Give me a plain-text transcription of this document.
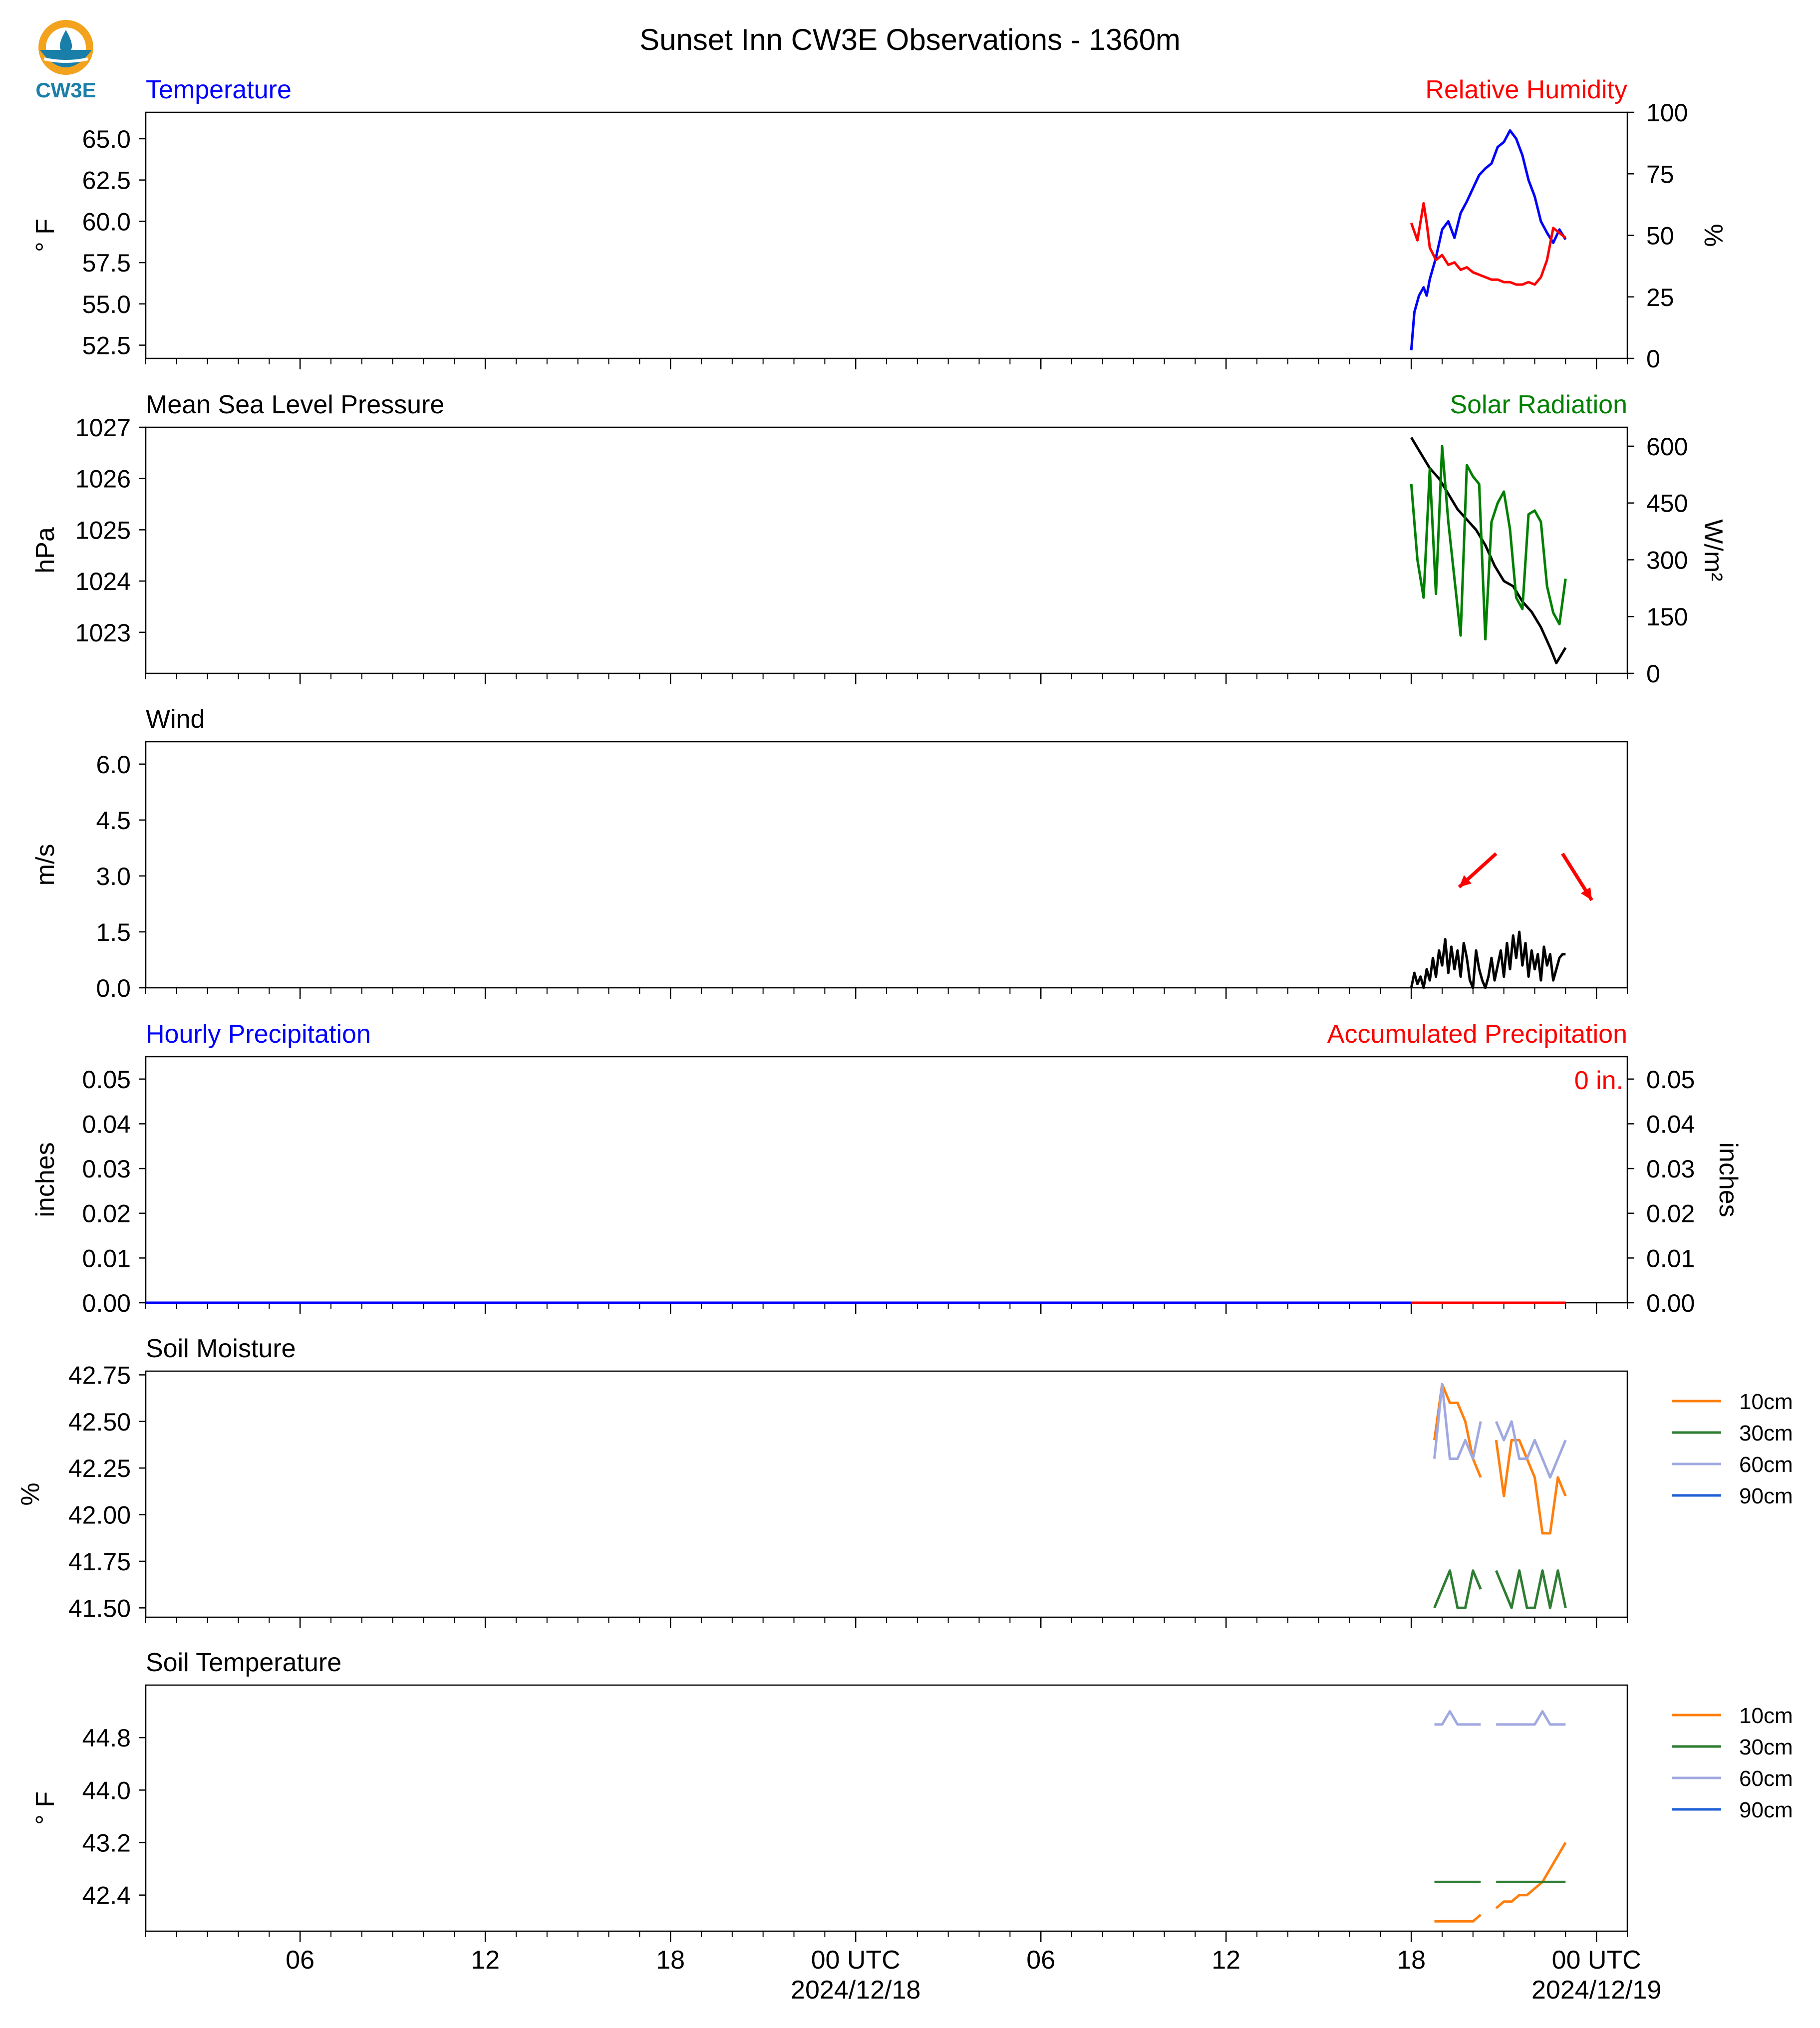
CW3E
Sunset Inn CW3E Observations - 1360m
Temperature	Relative Humidity
52.5
55.0
57.5
60.0
62.5
65.0
° F
0
25
50
75
100
%
Mean Sea Level Pressure	Solar Radiation
1023
1024
1025
1026
1027
hPa
0
150
300
450
600
W/m²
Wind
0.0
1.5
3.0
4.5
6.0
m/s
Hourly Precipitation	Accumulated Precipitation
0.00
0.01
0.02
0.03
0.04
0.05
inches
0.00
0.01
0.02
0.03
0.04
0.05
inches
0 in.
Soil Moisture
41.50
41.75
42.00
42.25
42.50
42.75
%
10cm
30cm
60cm
90cm
Soil Temperature
42.4
43.2
44.0
44.8
° F
10cm
30cm
60cm
90cm
06	12	18	00 UTC
2024/12/18
06	12	18	00 UTC
2024/12/19
